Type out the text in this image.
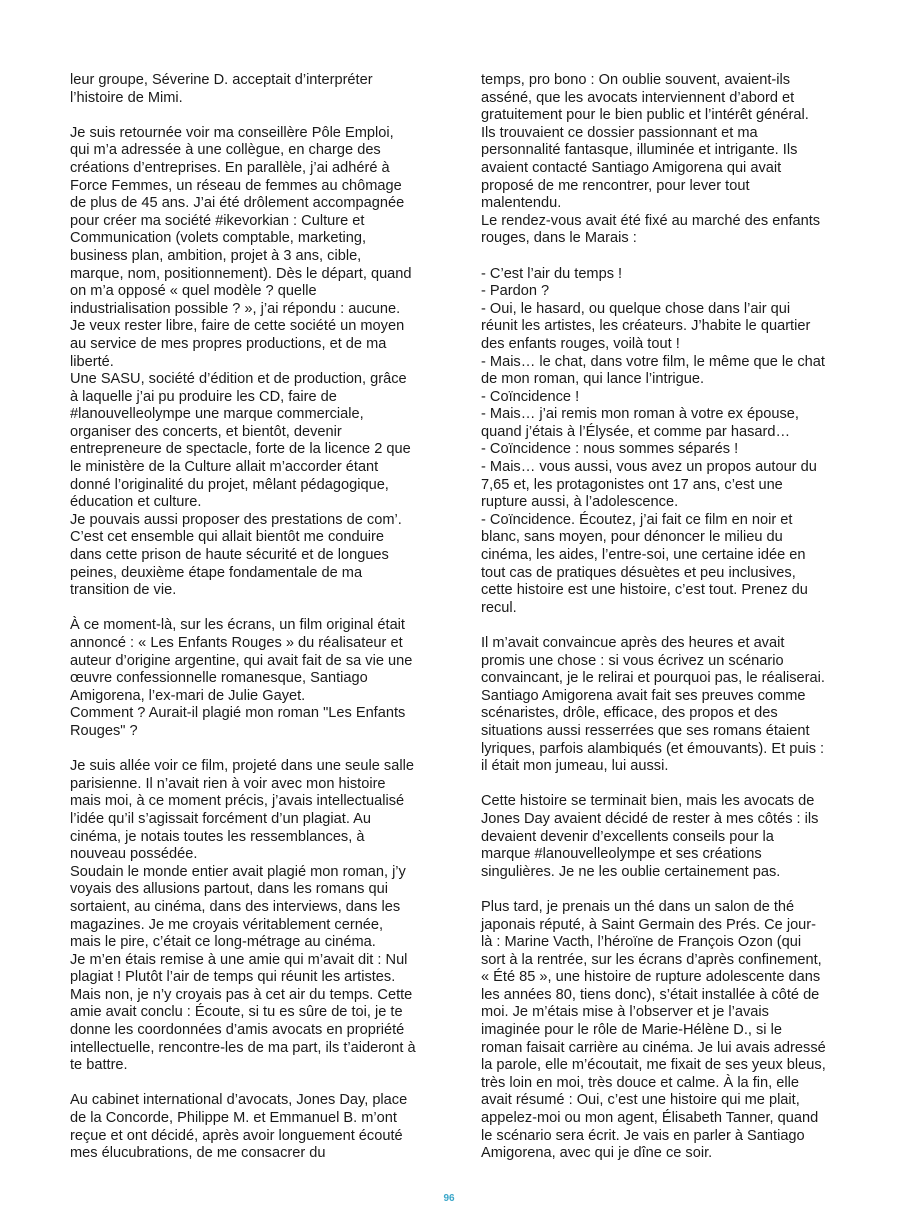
leur groupe, Séverine D. acceptait d’interpréter l’histoire de Mimi.

Je suis retournée voir ma conseillère Pôle Emploi, qui m’a adressée à une collègue, en charge des créations d’entreprises. En parallèle, j’ai adhéré à Force Femmes, un réseau de femmes au chômage de plus de 45 ans. J’ai été drôlement accompagnée pour créer ma société #ikevorkian : Culture et Communication (volets comptable, marketing, business plan, ambition, projet à 3 ans, cible, marque, nom, positionnement). Dès le départ, quand on m’a opposé « quel modèle ? quelle industrialisation possible ? », j’ai répondu : aucune. Je veux rester libre, faire de cette société un moyen au service de mes propres productions, et de ma liberté.

Une SASU, société d’édition et de production, grâce à laquelle j’ai pu produire les CD, faire de #lanouvelleolympe une marque commerciale, organiser des concerts, et bientôt, devenir entrepreneure de spectacle, forte de la licence 2 que le ministère de la Culture allait m’accorder étant donné l’originalité du projet, mêlant pédagogique, éducation et culture.

Je pouvais aussi proposer des prestations de com’. C’est cet ensemble qui allait bientôt me conduire dans cette prison de haute sécurité et de longues peines, deuxième étape fondamentale de ma transition de vie.

À ce moment-là, sur les écrans, un film original était annoncé : « Les Enfants Rouges » du réalisateur et auteur d’origine argentine, qui avait fait de sa vie une œuvre confessionnelle romanesque, Santiago Amigorena, l’ex-mari de Julie Gayet.

Comment ? Aurait-il plagié mon roman "Les Enfants Rouges" ?

Je suis allée voir ce film, projeté dans une seule salle parisienne. Il n’avait rien à voir avec mon histoire mais moi, à ce moment précis, j’avais intellectualisé l’idée qu’il s’agissait forcément d’un plagiat. Au cinéma, je notais toutes les ressemblances, à nouveau possédée.

Soudain le monde entier avait plagié mon roman, j’y voyais des allusions partout, dans les romans qui sortaient, au cinéma, dans des interviews, dans les magazines. Je me croyais véritablement cernée, mais le pire, c’était ce long-métrage au cinéma.

Je m’en étais remise à une amie qui m’avait dit : Nul plagiat ! Plutôt l’air de temps qui réunit les artistes. Mais non, je n’y croyais pas à cet air du temps. Cette amie avait conclu : Écoute, si tu es sûre de toi, je te donne les coordonnées d’amis avocats en propriété intellectuelle, rencontre-les de ma part, ils t’aideront à te battre.

Au cabinet international d’avocats, Jones Day, place de la Concorde, Philippe M. et Emmanuel B. m’ont reçue et ont décidé, après avoir longuement écouté mes élucubrations, de me consacrer du

temps, pro bono : On oublie souvent, avaient-ils asséné, que les avocats interviennent d’abord et gratuitement pour le bien public et l’intérêt général. Ils trouvaient ce dossier passionnant et ma personnalité fantasque, illuminée et intrigante. Ils avaient contacté Santiago Amigorena qui avait proposé de me rencontrer, pour lever tout malentendu.

Le rendez-vous avait été fixé au marché des enfants rouges, dans le Marais :

- C’est l’air du temps !

- Pardon ?

- Oui, le hasard, ou quelque chose dans l’air qui réunit les artistes, les créateurs. J’habite le quartier des enfants rouges, voilà tout !

- Mais… le chat, dans votre film, le même que le chat de mon roman, qui lance l’intrigue.

- Coïncidence !

- Mais… j’ai remis mon roman à votre ex épouse, quand j’étais à l’Élysée, et comme par hasard…

- Coïncidence : nous sommes séparés !

- Mais… vous aussi, vous avez un propos autour du 7,65 et, les protagonistes ont 17 ans, c’est une rupture aussi, à l’adolescence.

- Coïncidence. Écoutez, j’ai fait ce film en noir et blanc, sans moyen, pour dénoncer le milieu du cinéma, les aides, l’entre-soi, une certaine idée en tout cas de pratiques désuètes et peu inclusives, cette histoire est une histoire, c’est tout. Prenez du recul.

Il m’avait convaincue après des heures et avait promis une chose : si vous écrivez un scénario convaincant, je le relirai et pourquoi pas, le réaliserai. Santiago Amigorena avait fait ses preuves comme scénaristes, drôle, efficace, des propos et des situations aussi resserrées que ses romans étaient lyriques, parfois alambiqués (et émouvants). Et puis : il était mon jumeau, lui aussi.

Cette histoire se terminait bien, mais les avocats de Jones Day avaient décidé de rester à mes côtés : ils devaient devenir d’excellents conseils pour la marque #lanouvelleolympe et ses créations singulières. Je ne les oublie certainement pas.

Plus tard, je prenais un thé dans un salon de thé japonais réputé, à Saint Germain des Prés. Ce jour-là : Marine Vacth, l’héroïne de François Ozon (qui sort à la rentrée, sur les écrans d’après confinement, « Été 85 », une histoire de rupture adolescente dans les années 80, tiens donc), s’était installée à côté de moi. Je m’étais mise à l’observer et je l’avais imaginée pour le rôle de Marie-Hélène D., si le roman faisait carrière au cinéma. Je lui avais adressé la parole, elle m’écoutait, me fixait de ses yeux bleus, très loin en moi, très douce et calme. À la fin, elle avait résumé : Oui, c’est une histoire qui me plait, appelez-moi ou mon agent, Élisabeth Tanner, quand le scénario sera écrit. Je vais en parler à Santiago Amigorena, avec qui je dîne ce soir.

96
